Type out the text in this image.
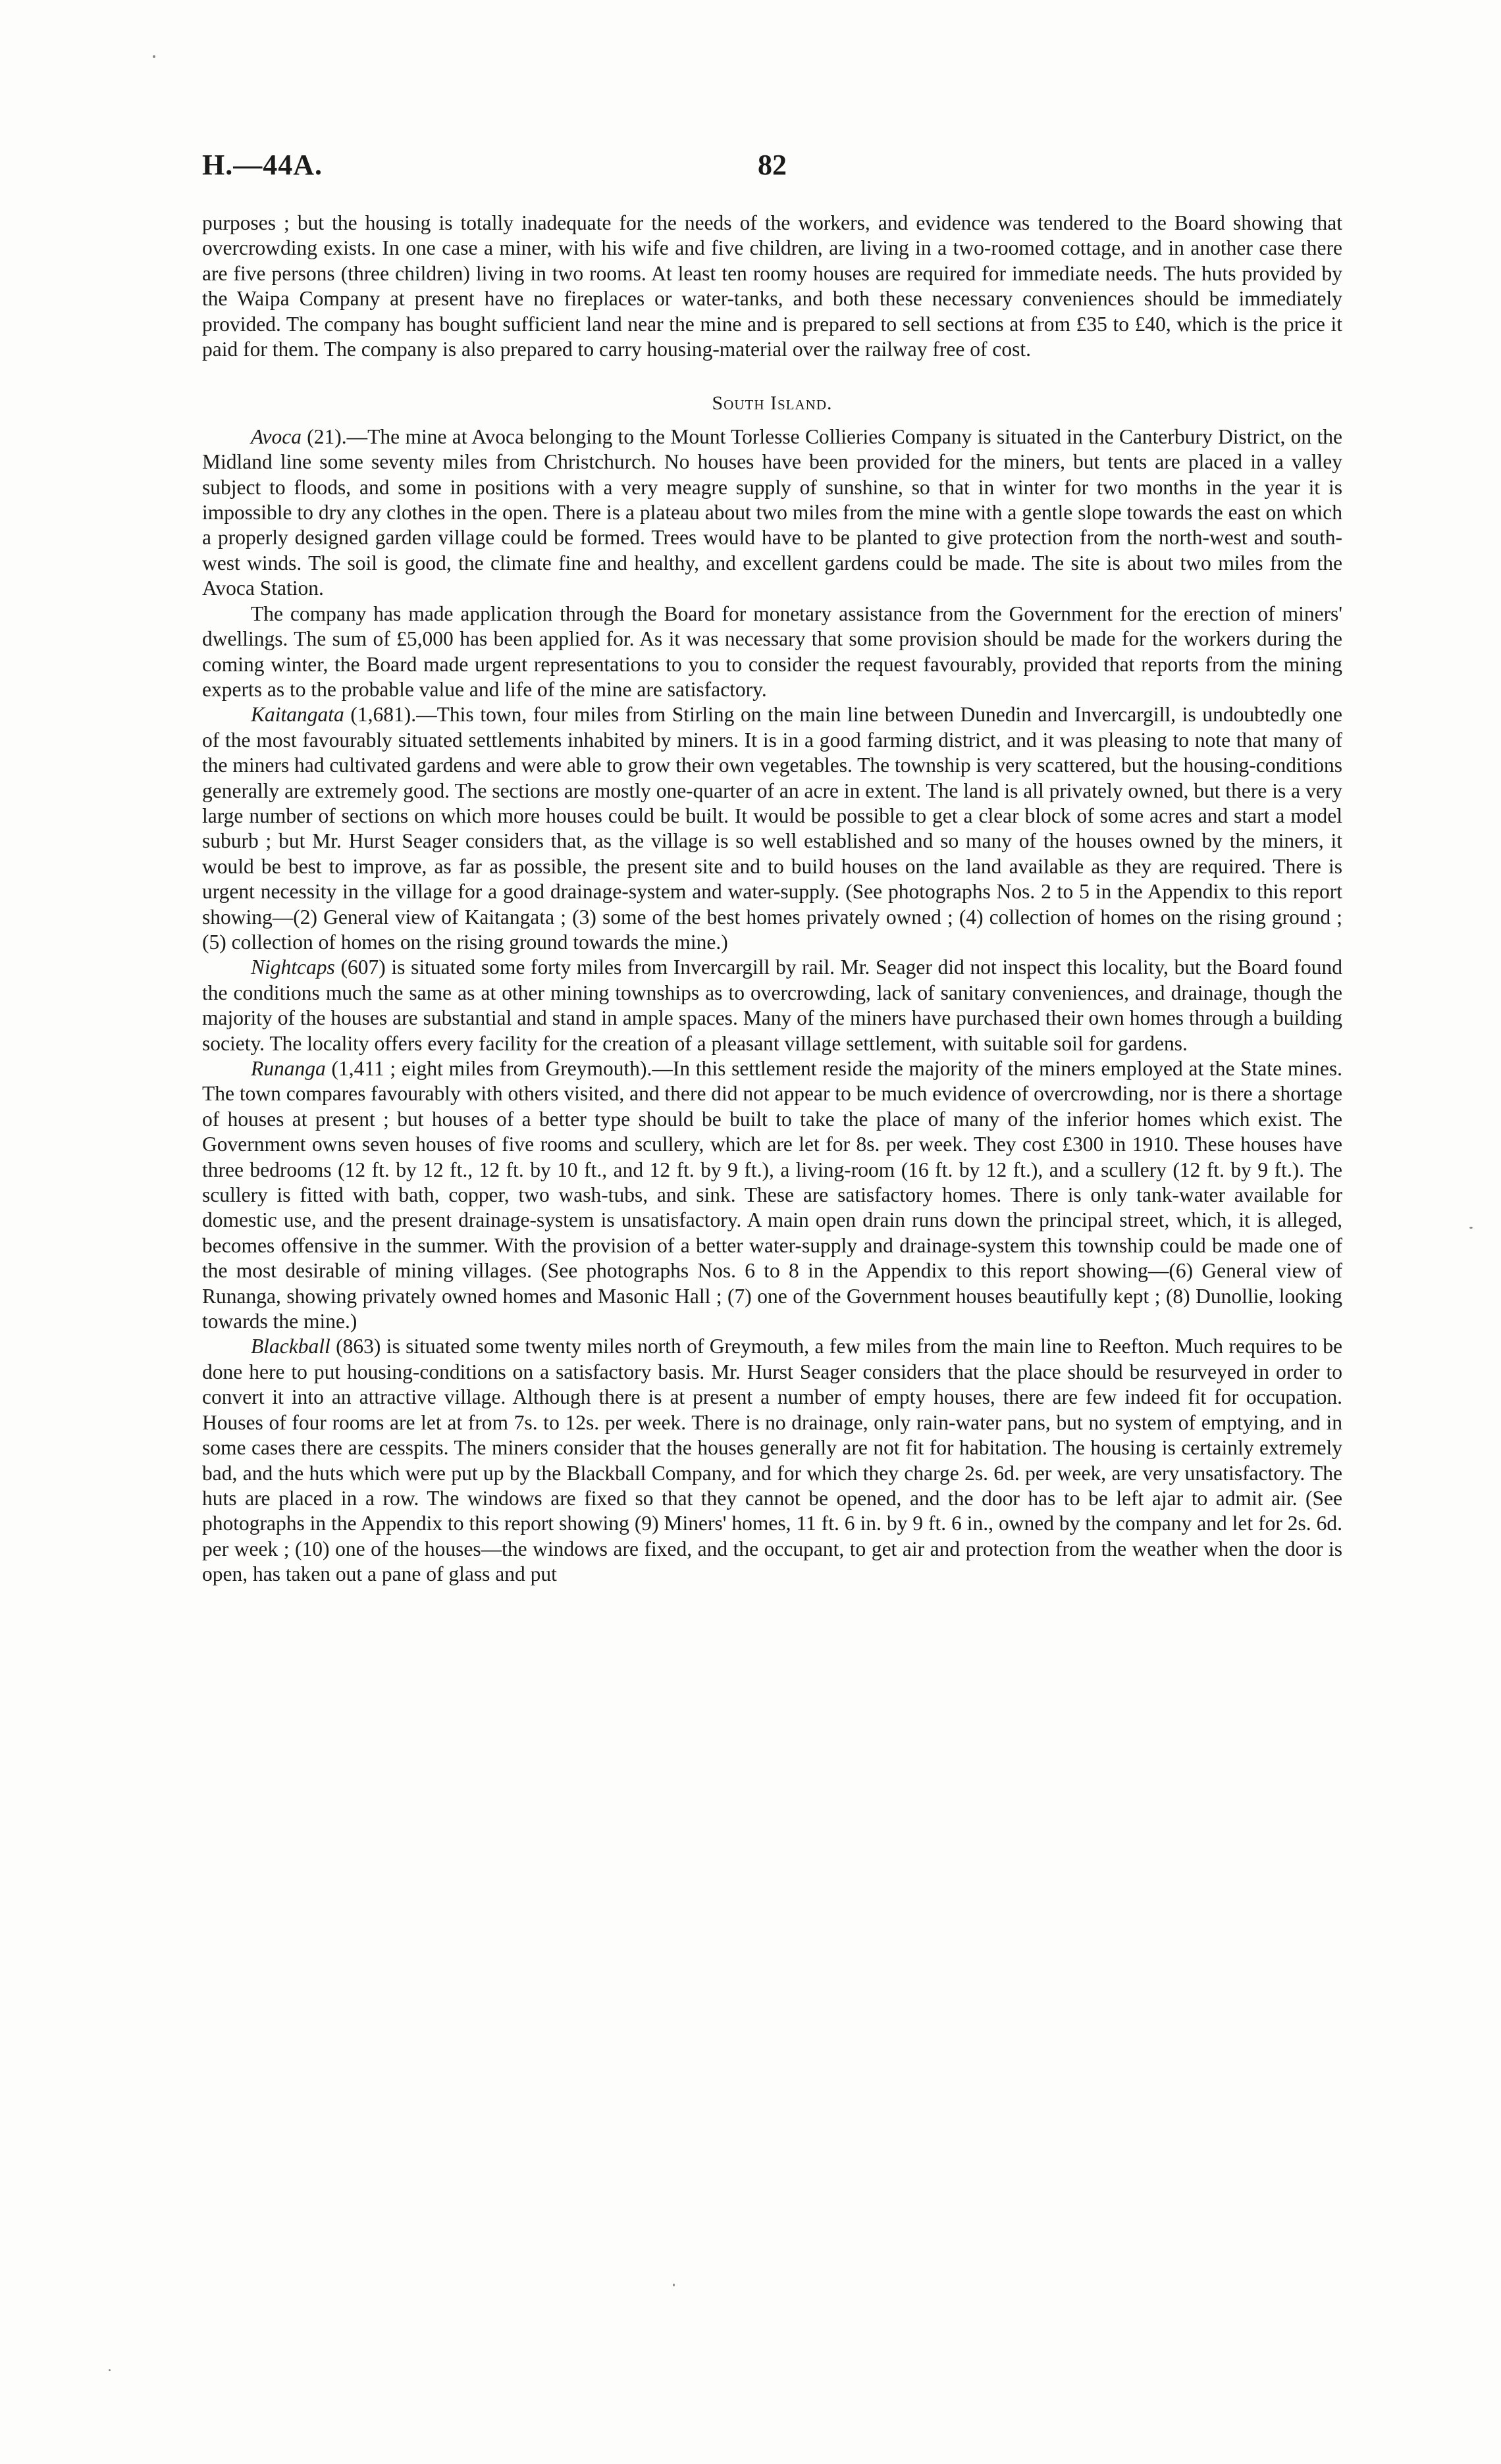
H.—44A.	82

purposes ; but the housing is totally inadequate for the needs of the workers, and evidence was tendered to the Board showing that overcrowding exists. In one case a miner, with his wife and five children, are living in a two-roomed cottage, and in another case there are five persons (three children) living in two rooms. At least ten roomy houses are required for immediate needs. The huts provided by the Waipa Company at present have no fireplaces or water-tanks, and both these necessary conveniences should be immediately provided. The company has bought sufficient land near the mine and is prepared to sell sections at from £35 to £40, which is the price it paid for them. The company is also prepared to carry housing-material over the railway free of cost.

South Island.

Avoca (21).—The mine at Avoca belonging to the Mount Torlesse Collieries Company is situated in the Canterbury District, on the Midland line some seventy miles from Christchurch. No houses have been provided for the miners, but tents are placed in a valley subject to floods, and some in positions with a very meagre supply of sunshine, so that in winter for two months in the year it is impossible to dry any clothes in the open. There is a plateau about two miles from the mine with a gentle slope towards the east on which a properly designed garden village could be formed. Trees would have to be planted to give protection from the north-west and south-west winds. The soil is good, the climate fine and healthy, and excellent gardens could be made. The site is about two miles from the Avoca Station.

The company has made application through the Board for monetary assistance from the Government for the erection of miners' dwellings. The sum of £5,000 has been applied for. As it was necessary that some provision should be made for the workers during the coming winter, the Board made urgent representations to you to consider the request favourably, provided that reports from the mining experts as to the probable value and life of the mine are satisfactory.

Kaitangata (1,681).—This town, four miles from Stirling on the main line between Dunedin and Invercargill, is undoubtedly one of the most favourably situated settlements inhabited by miners. It is in a good farming district, and it was pleasing to note that many of the miners had cultivated gardens and were able to grow their own vegetables. The township is very scattered, but the housing-conditions generally are extremely good. The sections are mostly one-quarter of an acre in extent. The land is all privately owned, but there is a very large number of sections on which more houses could be built. It would be possible to get a clear block of some acres and start a model suburb ; but Mr. Hurst Seager considers that, as the village is so well established and so many of the houses owned by the miners, it would be best to improve, as far as possible, the present site and to build houses on the land available as they are required. There is urgent necessity in the village for a good drainage-system and water-supply. (See photographs Nos. 2 to 5 in the Appendix to this report showing—(2) General view of Kaitangata ; (3) some of the best homes privately owned ; (4) collection of homes on the rising ground ; (5) collection of homes on the rising ground towards the mine.)

Nightcaps (607) is situated some forty miles from Invercargill by rail. Mr. Seager did not inspect this locality, but the Board found the conditions much the same as at other mining townships as to overcrowding, lack of sanitary conveniences, and drainage, though the majority of the houses are substantial and stand in ample spaces. Many of the miners have purchased their own homes through a building society. The locality offers every facility for the creation of a pleasant village settlement, with suitable soil for gardens.

Runanga (1,411 ; eight miles from Greymouth).—In this settlement reside the majority of the miners employed at the State mines. The town compares favourably with others visited, and there did not appear to be much evidence of overcrowding, nor is there a shortage of houses at present ; but houses of a better type should be built to take the place of many of the inferior homes which exist. The Government owns seven houses of five rooms and scullery, which are let for 8s. per week. They cost £300 in 1910. These houses have three bedrooms (12 ft. by 12 ft., 12 ft. by 10 ft., and 12 ft. by 9 ft.), a living-room (16 ft. by 12 ft.), and a scullery (12 ft. by 9 ft.). The scullery is fitted with bath, copper, two wash-tubs, and sink. These are satisfactory homes. There is only tank-water available for domestic use, and the present drainage-system is unsatisfactory. A main open drain runs down the principal street, which, it is alleged, becomes offensive in the summer. With the provision of a better water-supply and drainage-system this township could be made one of the most desirable of mining villages. (See photographs Nos. 6 to 8 in the Appendix to this report showing—(6) General view of Runanga, showing privately owned homes and Masonic Hall ; (7) one of the Government houses beautifully kept ; (8) Dunollie, looking towards the mine.)

Blackball (863) is situated some twenty miles north of Greymouth, a few miles from the main line to Reefton. Much requires to be done here to put housing-conditions on a satisfactory basis. Mr. Hurst Seager considers that the place should be resurveyed in order to convert it into an attractive village. Although there is at present a number of empty houses, there are few indeed fit for occupation. Houses of four rooms are let at from 7s. to 12s. per week. There is no drainage, only rain-water pans, but no system of emptying, and in some cases there are cesspits. The miners consider that the houses generally are not fit for habitation. The housing is certainly extremely bad, and the huts which were put up by the Blackball Company, and for which they charge 2s. 6d. per week, are very unsatisfactory. The huts are placed in a row. The windows are fixed so that they cannot be opened, and the door has to be left ajar to admit air. (See photographs in the Appendix to this report showing (9) Miners' homes, 11 ft. 6 in. by 9 ft. 6 in., owned by the company and let for 2s. 6d. per week ; (10) one of the houses—the windows are fixed, and the occupant, to get air and protection from the weather when the door is open, has taken out a pane of glass and put
